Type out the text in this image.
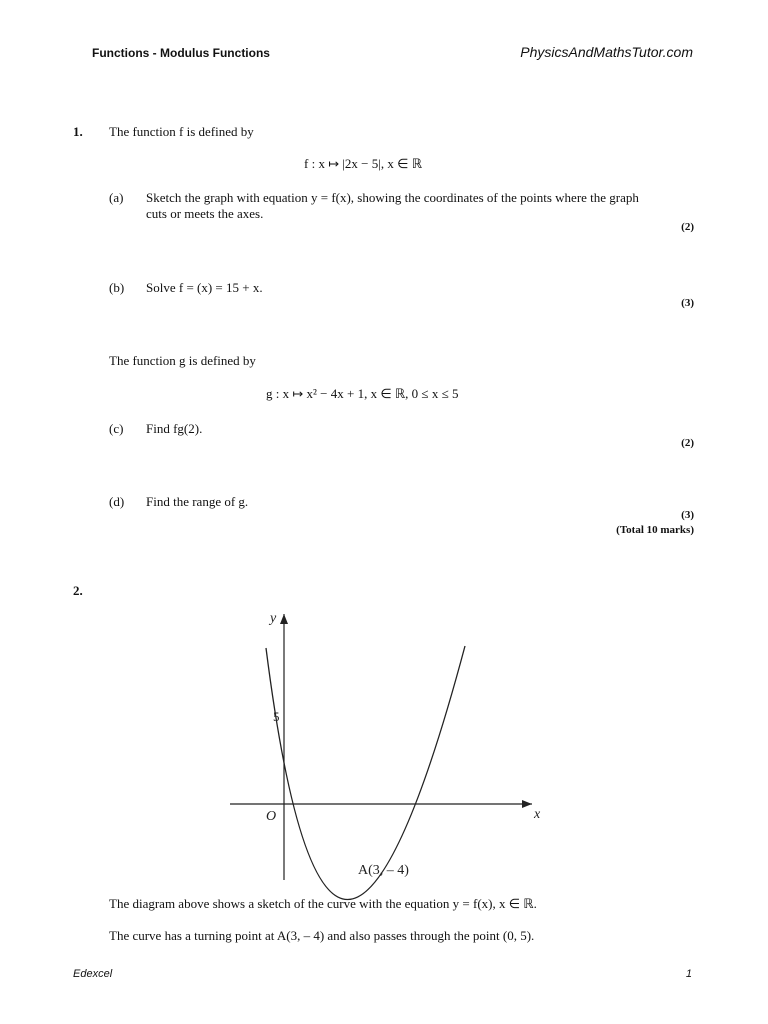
Functions - Modulus Functions	PhysicsAndMathsTutor.com
1. The function f is defined by
f : x ↦ |2x − 5|, x ∈ ℝ
(a) Sketch the graph with equation y = f(x), showing the coordinates of the points where the graph cuts or meets the axes.
(2)
(b) Solve f = (x) = 15 + x.
(3)
The function g is defined by
g : x ↦ x² − 4x + 1, x ∈ ℝ, 0 ≤ x ≤ 5
(c) Find fg(2).
(2)
(d) Find the range of g.
(3)
(Total 10 marks)
2.
y
x
O
5
A(3, – 4)
The diagram above shows a sketch of the curve with the equation y = f(x), x ∈ ℝ.
The curve has a turning point at A(3, – 4) and also passes through the point (0, 5).
Edexcel	1
